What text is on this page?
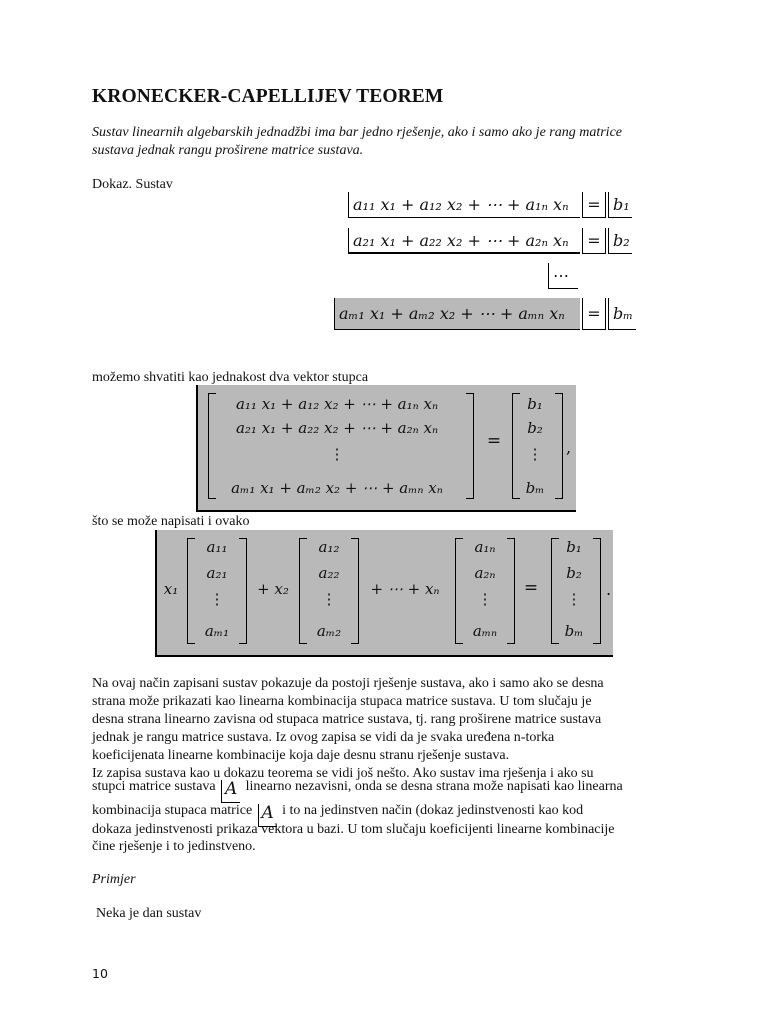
KRONECKER-CAPELLIJEV TEOREM
Sustav linearnih algebarskih jednadžbi ima bar jedno rješenje, ako i samo ako je rang matrice sustava jednak rangu proširene matrice sustava.
Dokaz. Sustav
a₁₁ x₁ + a₁₂ x₂ + ⋯ + a₁ₙ xₙ	= b₁
a₂₁ x₁ + a₂₂ x₂ + ⋯ + a₂ₙ xₙ	= b₂
⋯
aₘ₁ x₁ + aₘ₂ x₂ + ⋯ + aₘₙ xₙ	= bₘ
možemo shvatiti kao jednakost dva vektor stupca
a₁₁ x₁ + a₁₂ x₂ + ⋯ + a₁ₙ xₙ
a₂₁ x₁ + a₂₂ x₂ + ⋯ + a₂ₙ xₙ
⋮
aₘ₁ x₁ + aₘ₂ x₂ + ⋯ + aₘₙ xₙ
=
b₁
b₂
⋮
bₘ
,
što se može napisati i ovako
x₁
a₁₁
a₂₁
⋮
aₘ₁
+ x₂
a₁₂
a₂₂
⋮
aₘ₂
+ ⋯ + xₙ
a₁ₙ
a₂ₙ
⋮
aₘₙ
=
b₁
b₂
⋮
bₘ
.
Na ovaj način zapisani sustav pokazuje da postoji rješenje sustava, ako i samo ako se desna
strana može prikazati kao linearna kombinacija stupaca matrice sustava. U tom slučaju je
desna strana linearno zavisna od stupaca matrice sustava, tj. rang proširene matrice sustava
jednak je rangu matrice sustava. Iz ovog zapisa se vidi da je svaka uređena n-torka
koeficijenata linearne kombinacije koja daje desnu stranu rješenje sustava.
Iz zapisa sustava kao u dokazu teorema se vidi još nešto. Ako sustav ima rješenja i ako su
stupci matrice sustava A linearno nezavisni, onda se desna strana može napisati kao linearna
kombinacija stupaca matrice A i to na jedinstven način (dokaz jedinstvenosti kao kod
dokaza jedinstvenosti prikaza vektora u bazi. U tom slučaju koeficijenti linearne kombinacije
čine rješenje i to jedinstveno.
Primjer
Neka je dan sustav
10
